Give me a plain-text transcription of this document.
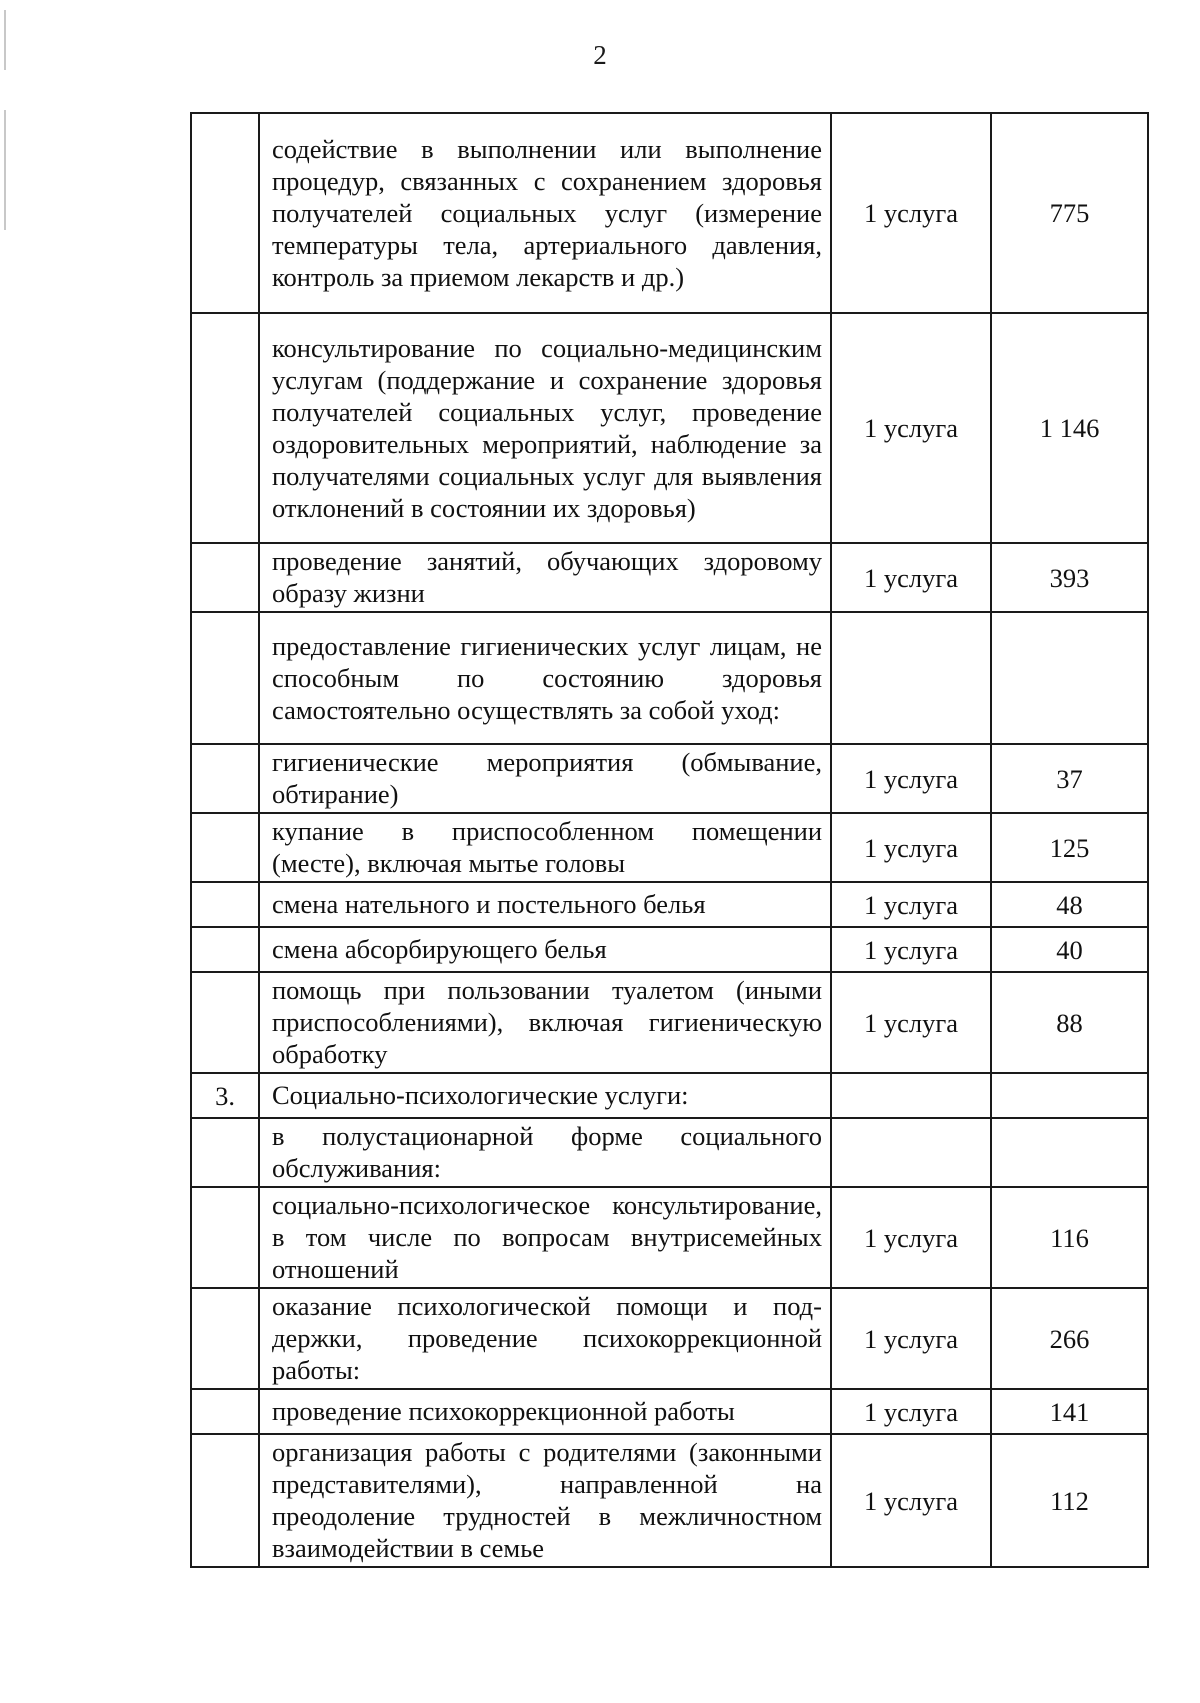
2
	содействие в выполнении или выполнение процедур, связанных с сохранением здоровья получателей социальных услуг (измерение температуры тела, артериального давления, контроль за приемом лекарств и др.)	1 услуга	775
	консультирование по социально-медицинским услугам (поддержание и сохранение здоровья получателей социальных услуг, проведение оздоровительных мероприятий, наблюдение за получателями социальных услуг для выявления отклонений в состоянии их здоровья)	1 услуга	1 146
	проведение занятий, обучающих здоровому образу жизни	1 услуга	393
	предоставление гигиенических услуг лицам, не способным по состоянию здоровья самостоятельно осуществлять за собой уход:		
	гигиенические мероприятия (обмывание, обтирание)	1 услуга	37
	купание в приспособленном помещении (месте), включая мытье головы	1 услуга	125
	смена нательного и постельного белья	1 услуга	48
	смена абсорбирующего белья	1 услуга	40
	помощь при пользовании туалетом (иными приспособлениями), включая гигиеническую обработку	1 услуга	88
3.	Социально-психологические услуги:		
	в полустационарной форме социального обслуживания:		
	социально-психологическое консультирование, в том числе по вопросам внутрисемейных отношений	1 услуга	116
	оказание психологической помощи и поддержки, проведение психокоррекционной работы:	1 услуга	266
	проведение психокоррекционной работы	1 услуга	141
	организация работы с родителями (законными представителями), направленной на преодоление трудностей в межличностном взаимодействии в семье	1 услуга	112
